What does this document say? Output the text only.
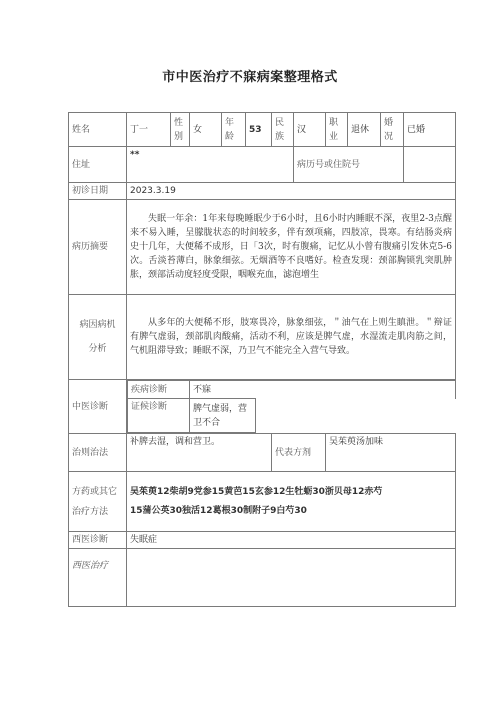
市中医治疗不寐病案整理格式
姓名	丁一	性别	女	年龄	53	民族	汉	职业	退休	婚况	已婚
住址	**	病历号或住院号	
初诊日期	2023.3.19
病历摘要	

失眠一年余：1年来每晚睡眠少于6小时，且6小时内睡眠不深，夜里2-3点醒来不易入睡，呈朦胧状态的时间较多，伴有颈项痛，四肢凉，畏寒。有结肠炎病史十几年，大便稀不成形，日「3次，时有腹痛，记忆从小曾有腹痛引发休克5-6次。舌淡苔薄白，脉象细弦。无烟酒等不良嗜好。检查发现：颈部胸锁乳突肌肿胀，颈部活动度轻度受限，咽喉充血，滤泡增生

病因病机
分析

从多年的大便稀不形，肢寒畏冷，脉象细弦，＂油气在上则生瞋泄。＂辩证有脾气虚弱，颈部肌肉酸痛，活动不利，应该是脾气虚，水湿流走肌肉筋之间，气机阻滞导致；睡眠不深，乃卫气不能完全入营气导致。

中医诊断	
疾病诊断	不寐	
证候诊断	脾气虚弱，营卫不合	

治则治法	补脾去湿，调和营卫。	代表方剂	吴茱萸汤加味

方药或其它
治疗方法

吴茱萸12柴胡9党参15黄芭15玄参12生牡蛎30浙贝母12赤芍
15蒲公英30独活12葛根30制附子9白芍30

西医诊断	失眠症
西医治疗	
